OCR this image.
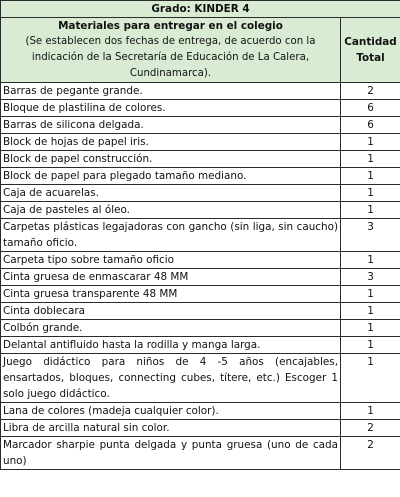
Grado: KINDER 4	

Materiales para entregar en el colegio
(Se establecen dos fechas de entrega, de acuerdo con la indicación de la Secretaría de Educación de La Calera, Cundinamarca).	Cantidad
Total

Barras de pegante grande.	2
Bloque de plastilina de colores.	6
Barras de silicona delgada.	6
Block de hojas de papel iris.	1
Block de papel construcción.	1
Block de papel para plegado tamaño mediano.	1
Caja de acuarelas.	1
Caja de pasteles al óleo.	1
Carpetas plásticas legajadoras con gancho (sin liga, sin caucho) tamaño oficio.	3
Carpeta tipo sobre tamaño oficio	1
Cinta gruesa de enmascarar 48 MM	3
Cinta gruesa transparente 48 MM	1
Cinta doblecara	1
Colbón grande.	1
Delantal antifluido hasta la rodilla y manga larga.	1
Juego didáctico para niños de 4 -5 años (encajables, ensartados, bloques, connecting cubes, títere, etc.) Escoger 1 solo juego didáctico.	1
Lana de colores (madeja cualquier color).	1
Libra de arcilla natural sin color.	2
Marcador sharpie punta delgada y punta gruesa (uno de cada uno)	2
